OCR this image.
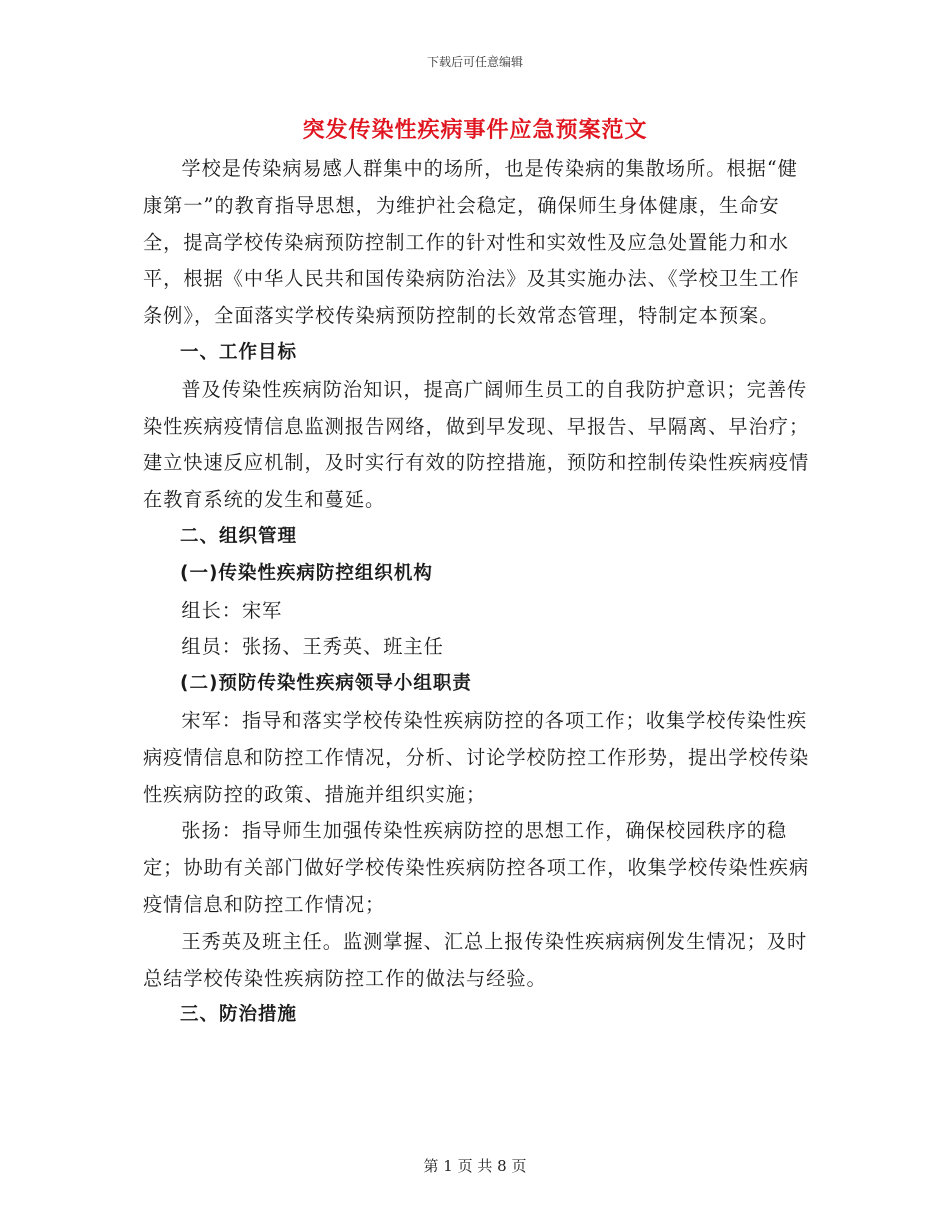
下载后可任意编辑
突发传染性疾病事件应急预案范文

学校是传染病易感人群集中的场所，也是传染病的集散场所。根据“健康第一”的教育指导思想，为维护社会稳定，确保师生身体健康，生命安全，提高学校传染病预防控制工作的针对性和实效性及应急处置能力和水平，根据《中华人民共和国传染病防治法》及其实施办法、《学校卫生工作条例》，全面落实学校传染病预防控制的长效常态管理，特制定本预案。

一、工作目标

普及传染性疾病防治知识，提高广阔师生员工的自我防护意识；完善传染性疾病疫情信息监测报告网络，做到早发现、早报告、早隔离、早治疗；建立快速反应机制，及时实行有效的防控措施，预防和控制传染性疾病疫情在教育系统的发生和蔓延。

二、组织管理

(一)传染性疾病防控组织机构

组长：宋军

组员：张扬、王秀英、班主任

(二)预防传染性疾病领导小组职责

宋军：指导和落实学校传染性疾病防控的各项工作；收集学校传染性疾病疫情信息和防控工作情况，分析、讨论学校防控工作形势，提出学校传染性疾病防控的政策、措施并组织实施；

张扬：指导师生加强传染性疾病防控的思想工作，确保校园秩序的稳定；协助有关部门做好学校传染性疾病防控各项工作，收集学校传染性疾病疫情信息和防控工作情况；

王秀英及班主任。监测掌握、汇总上报传染性疾病病例发生情况；及时总结学校传染性疾病防控工作的做法与经验。

三、防治措施

第 1 页 共 8 页
